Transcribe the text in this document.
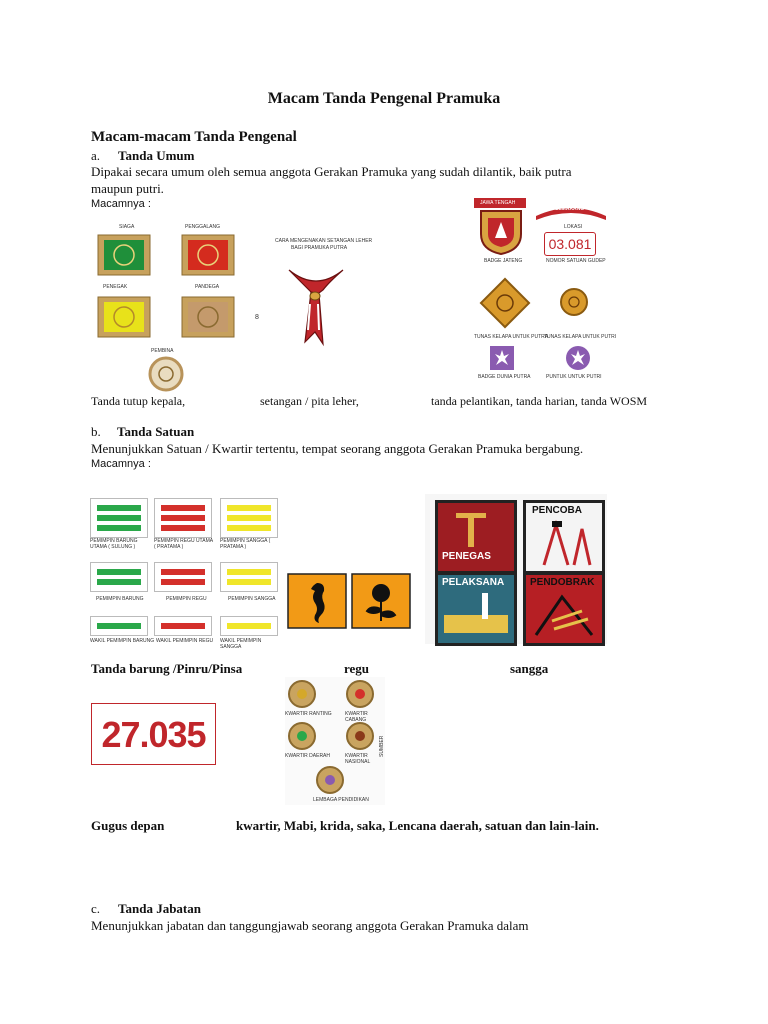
Macam Tanda Pengenal Pramuka
Macam-macam Tanda Pengenal
a. Tanda Umum
Dipakai secara umum oleh semua anggota Gerakan Pramuka yang sudah dilantik, baik putra
maupun putri.
Macamnya :
SIAGA	PENGGALANG
PENEGAK	PANDEGA
PEMBINA
CARA MENGENAKAN SETANGAN LEHER
BAGI PRAMUKA PUTRA
8
JAWA TENGAH
BADGE JATENG
KOTA SEMARANG
LOKASI
03.081
NOMOR SATUAN GUDEP
TUNAS KELAPA UNTUK PUTRA
TUNAS KELAPA UNTUK PUTRI
BADGE DUNIA PUTRA	PUNTUK UNTUK PUTRI
Tanda tutup kepala,	setangan / pita leher,	tanda pelantikan, tanda harian, tanda WOSM
b. Tanda Satuan
Menunjukkan Satuan / Kwartir tertentu, tempat seorang anggota Gerakan Pramuka bergabung.
Macamnya :
PEMIMPIN BARUNG UTAMA ( SULUNG )
PEMIMPIN REGU UTAMA ( PRATAMA )
PEMIMPIN SANGGA ( PRATAMA )
PEMIMPIN BARUNG	PEMIMPIN REGU	PEMIMPIN SANGGA
WAKIL PEMIMPIN BARUNG WAKIL PEMIMPIN REGU WAKIL PEMIMPIN SANGGA
PENEGAS
PENCOBA
PELAKSANA	PENDOBRAK
Tanda barung /Pinru/Pinsa	regu	sangga
27.035	KWARTIR RANTING	KWARTIR CABANG
KWARTIR DAERAH	KWARTIR NASIONAL
LEMBAGA PENDIDIKAN
SUMBER
Gugus depan	kwartir, Mabi, krida, saka, Lencana daerah, satuan dan lain-lain.
c. Tanda Jabatan
Menunjukkan jabatan dan tanggungjawab seorang anggota Gerakan Pramuka dalam
